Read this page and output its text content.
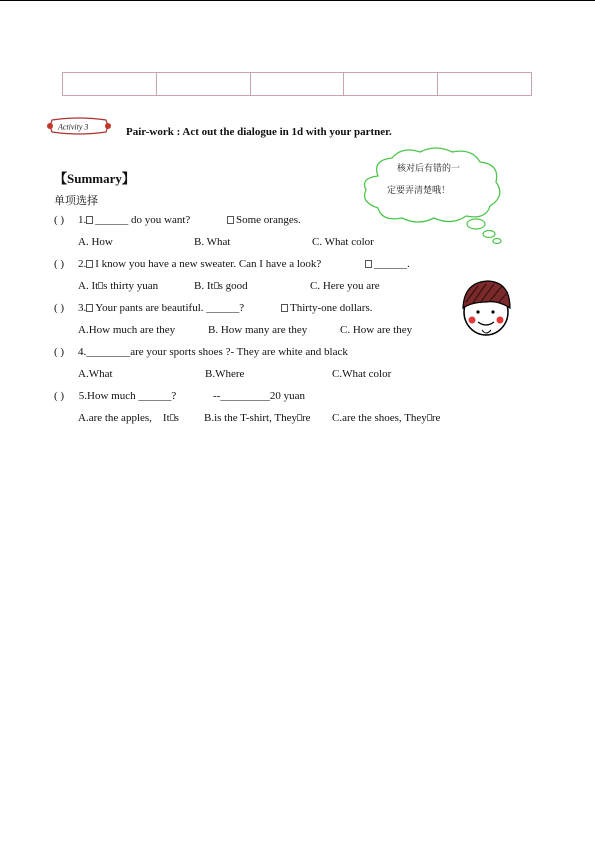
Activity 3	Pair-work : Act out the dialogue in 1d with your partner.
核对后有错的一
定要弄清楚哦！
【Summary】
单项选择
( ) 1. ______ do you want?	Some oranges.
A. How	B. What	C. What color
( ) 2. I know you have a new sweater. Can I have a look?	______.
A. It s thirty yuan	B. It s good	C. Here you are
( ) 3. Your pants are beautiful. ______?	Thirty-one dollars.
A.How much are they	B. How many are they	C. How are they
( ) 4.________are your sports shoes ?- They are white and black
A.What	B.Where	C.What color
( ) 5.How much ______?	--_________20 yuan
A.are the apples, It s B.is the T-shirt, They re C.are the shoes, They re
